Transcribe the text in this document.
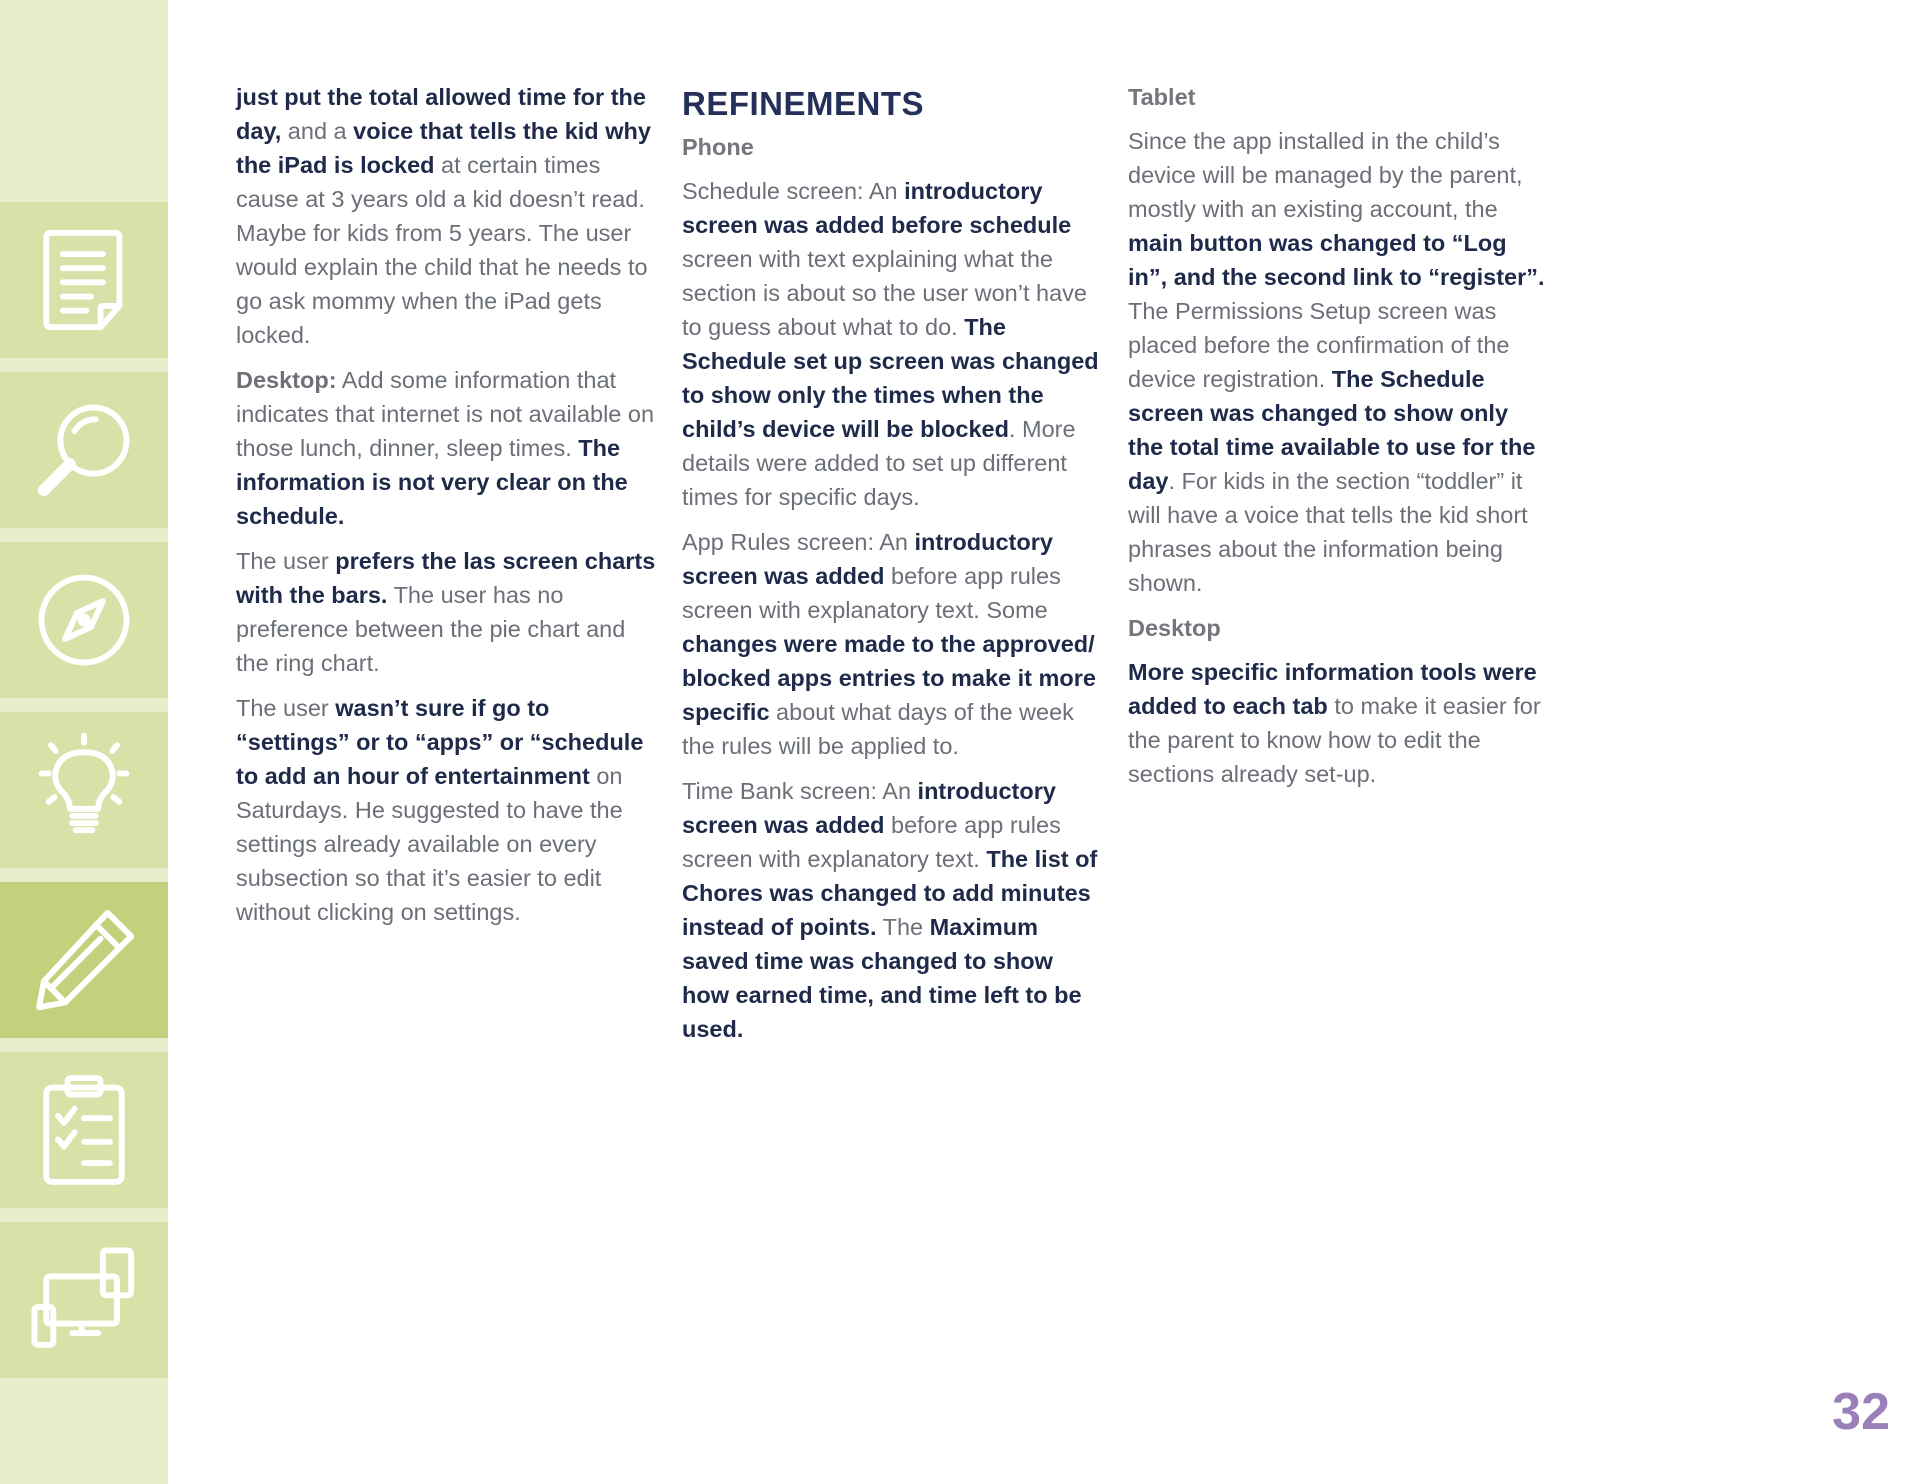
just put the total allowed time for the day, and a voice that tells the kid why the iPad is locked at certain times cause at 3 years old a kid doesn’t read. Maybe for kids from 5 years. The user would explain the child that he needs to go ask mommy when the iPad gets locked.

Desktop: Add some information that indicates that internet is not available on those lunch, dinner, sleep times. The information is not very clear on the schedule.

The user prefers the las screen charts with the bars. The user has no preference between the pie chart and the ring chart.

The user wasn’t sure if go to “settings” or to “apps” or “schedule to add an hour of entertainment on Saturdays. He suggested to have the settings already available on every subsection so that it’s easier to edit without clicking on settings.

REFINEMENTS
Phone

Schedule screen: An introductory screen was added before schedule screen with text explaining what the section is about so the user won’t have to guess about what to do. The Schedule set up screen was changed to show only the times when the child’s device will be blocked. More details were added to set up different times for specific days.

App Rules screen: An introductory screen was added before app rules screen with explanatory text. Some changes were made to the approved/ blocked apps entries to make it more specific about what days of the week the rules will be applied to.

Time Bank screen: An introductory screen was added before app rules screen with explanatory text. The list of Chores was changed to add minutes instead of points. The Maximum saved time was changed to show how earned time, and time left to be used.

Tablet

Since the app installed in the child’s device will be managed by the parent, mostly with an existing account, the main button was changed to “Log in”, and the second link to “register”. The Permissions Setup screen was placed before the confirmation of the device registration. The Schedule screen was changed to show only the total time available to use for the day. For kids in the section “toddler” it will have a voice that tells the kid short phrases about the information being shown.

Desktop

More specific information tools were added to each tab to make it easier for the parent to know how to edit the sections already set-up.

32
